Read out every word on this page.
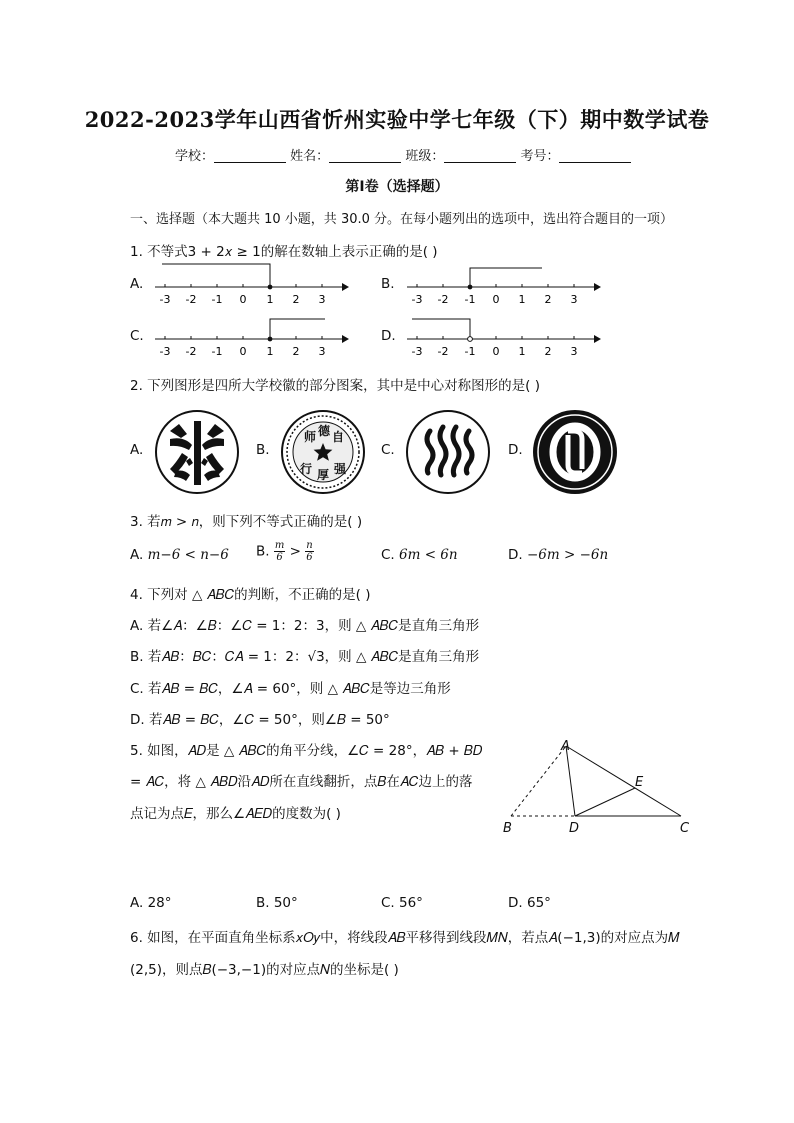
2022-2023学年山西省忻州实验中学七年级（下）期中数学试卷
学校：	姓名：	班级：	考号：
第Ⅰ卷（选择题）
一、选择题（本大题共 10 小题，共 30.0 分。在每小题列出的选项中，选出符合题目的一项）
1. 不等式3 + 2𝑥 ≥ 1的解在数轴上表示正确的是( )
A.	B.
C.	D.
-3 -2 -1 0 1 2 3	-3 -2 -1 0 1 2 3
-3 -2 -1 0 1 2 3	-3 -2 -1 0 1 2 3
2. 下列图形是四所大学校徽的部分图案，其中是中心对称图形的是( )
A.	B.	C.	D.
师 德 自
强
厚
行
3. 若𝑚 > 𝑛，则下列不等式正确的是( )
A. 𝑚−6 < 𝑛−6 B. $\frac{\text{𝑚}}{6} > \frac{\text{𝑛}}{6}$	C. 6𝑚 < 6𝑛	D. −6𝑚 > −6𝑛
4. 下列对 △ 𝐴𝐵𝐶的判断，不正确的是( )
A. 若∠𝐴：∠𝐵：∠𝐶 = 1：2：3，则 △ 𝐴𝐵𝐶是直角三角形
B. 若𝐴𝐵：𝐵𝐶：𝐶𝐴 = 1：2：√3，则 △ 𝐴𝐵𝐶是直角三角形
C. 若𝐴𝐵 = 𝐵𝐶，∠𝐴 = 60°，则 △ 𝐴𝐵𝐶是等边三角形
D. 若𝐴𝐵 = 𝐵𝐶，∠𝐶 = 50°，则∠𝐵 = 50°
5. 如图，𝐴𝐷是 △ 𝐴𝐵𝐶的角平分线，∠𝐶 = 28°，𝐴𝐵 + 𝐵𝐷
= 𝐴𝐶，将 △ 𝐴𝐵𝐷沿𝐴𝐷所在直线翻折，点𝐵在𝐴𝐶边上的落
点记为点𝐸，那么∠𝐴𝐸𝐷的度数为( )
A
B	D	C
E
A. 28°	B. 50°	C. 56°	D. 65°
6. 如图，在平面直角坐标系𝑥𝑂𝑦中，将线段𝐴𝐵平移得到线段𝑀𝑁，若点𝐴(−1,3)的对应点为𝑀
(2,5)，则点𝐵(−3,−1)的对应点𝑁的坐标是( )
